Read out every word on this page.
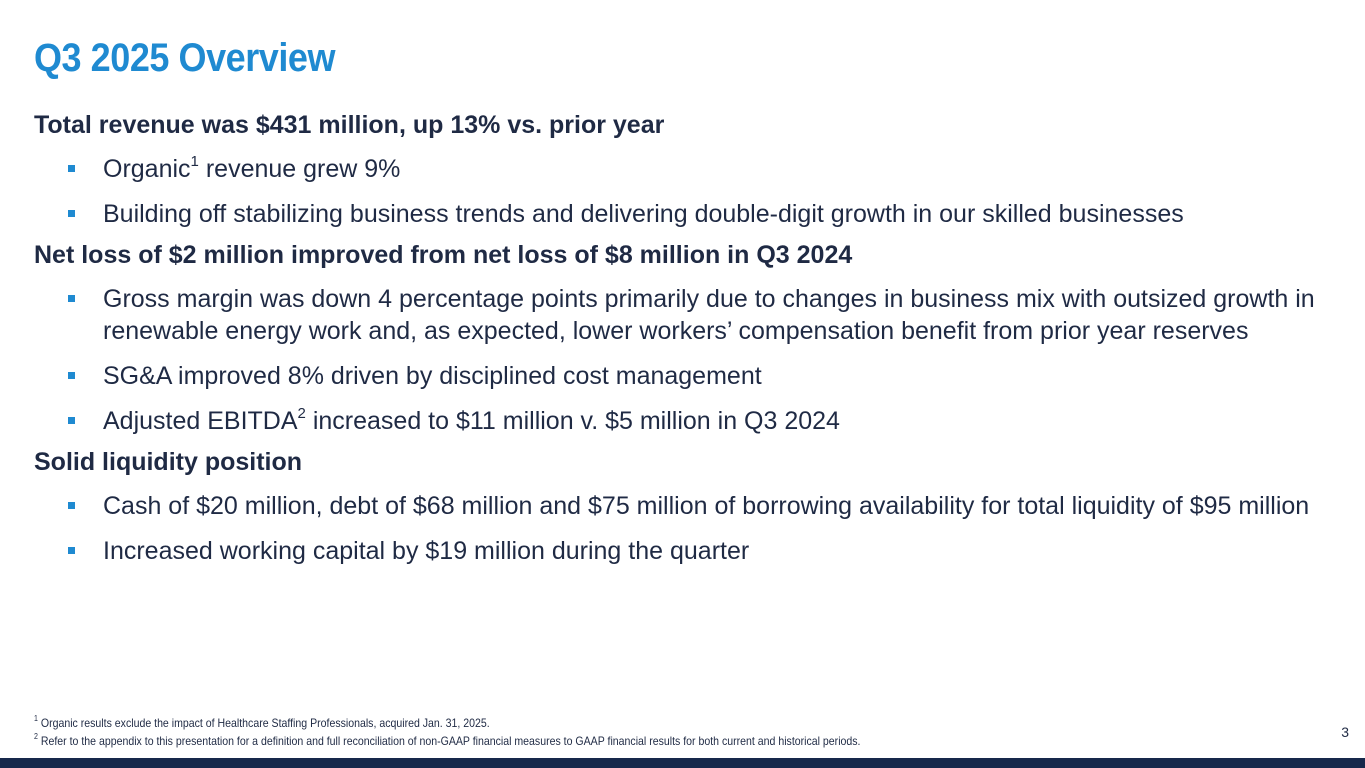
Q3 2025 Overview
Total revenue was $431 million, up 13% vs. prior year
Organic$^1$ revenue grew 9%
Building off stabilizing business trends and delivering double-digit growth in our skilled businesses
Net loss of $2 million improved from net loss of $8 million in Q3 2024
Gross margin was down 4 percentage points primarily due to changes in business mix with outsized growth in renewable energy work and, as expected, lower workers’ compensation benefit from prior year reserves
SG&A improved 8% driven by disciplined cost management
Adjusted EBITDA$^2$ increased to $11 million v. $5 million in Q3 2024
Solid liquidity position
Cash of $20 million, debt of $68 million and $75 million of borrowing availability for total liquidity of $95 million
Increased working capital by $19 million during the quarter
$^1$ Organic results exclude the impact of Healthcare Staffing Professionals, acquired Jan. 31, 2025.
$^2$ Refer to the appendix to this presentation for a definition and full reconciliation of non-GAAP financial measures to GAAP financial results for both current and historical periods.
3
